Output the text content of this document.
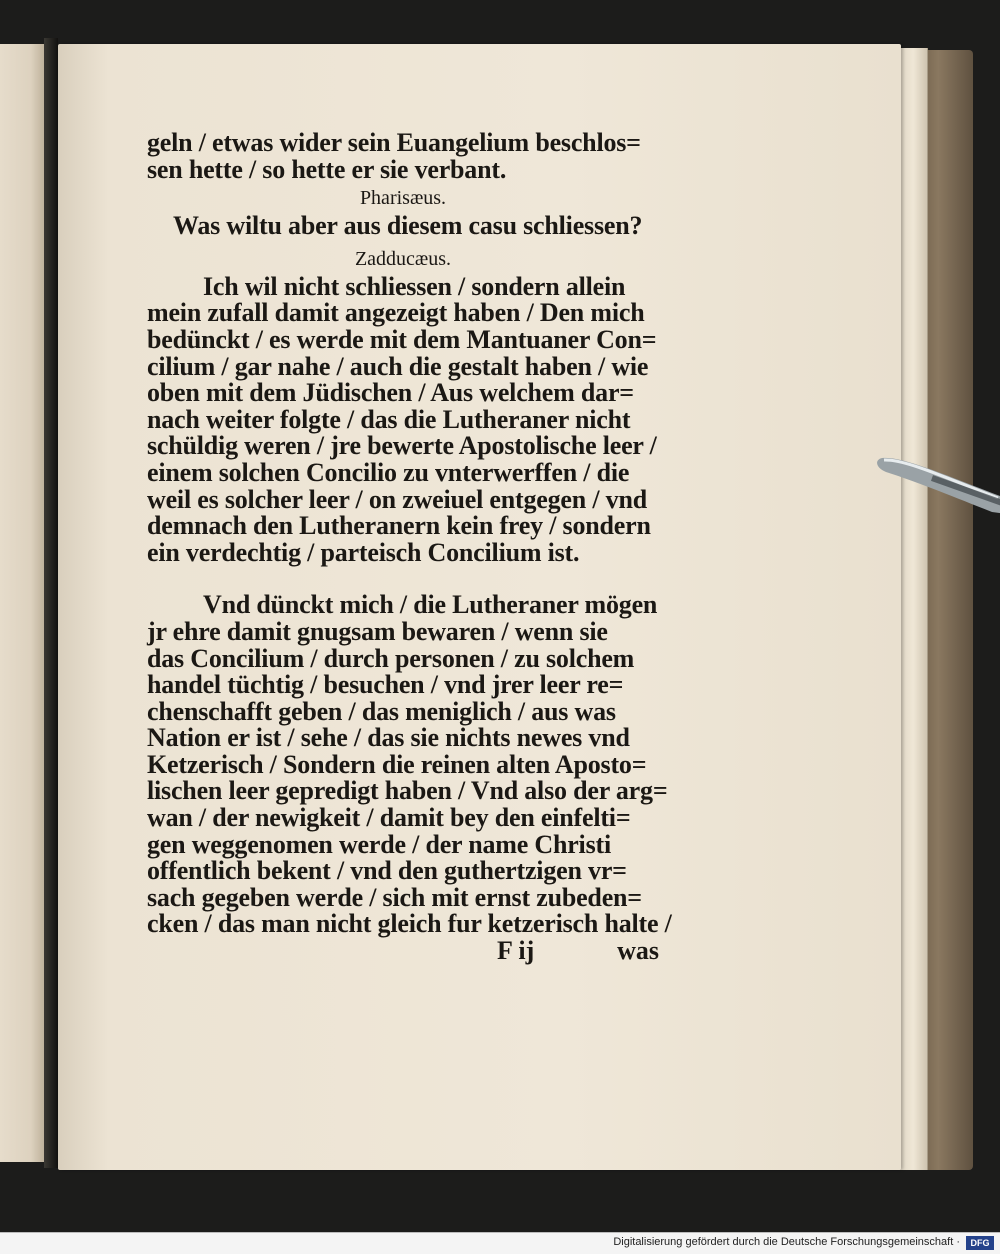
geln / etwas wider sein Euangelium beschlos=
sen hette / so hette er sie verbant.
Pharisæus.
Was wiltu aber aus diesem casu schliessen?
Zadducæus.
Ich wil nicht schliessen / sondern allein
mein zufall damit angezeigt haben / Den mich
bedünckt / es werde mit dem Mantuaner Con=
cilium / gar nahe / auch die gestalt haben / wie
oben mit dem Jüdischen / Aus welchem dar=
nach weiter folgte / das die Lutheraner nicht
schüldig weren / jre bewerte Apostolische leer /
einem solchen Concilio zu vnterwerffen / die
weil es solcher leer / on zweiuel entgegen / vnd
demnach den Lutheranern kein frey / sondern
ein verdechtig / parteisch Concilium ist.
Vnd dünckt mich / die Lutheraner mögen
jr ehre damit gnugsam bewaren / wenn sie
das Concilium / durch personen / zu solchem
handel tüchtig / besuchen / vnd jrer leer re=
chenschafft geben / das meniglich / aus was
Nation er ist / sehe / das sie nichts newes vnd
Ketzerisch / Sondern die reinen alten Aposto=
lischen leer gepredigt haben / Vnd also der arg=
wan / der newigkeit / damit bey den einfelti=
gen weggenomen werde / der name Christi
offentlich bekent / vnd den guthertzigen vr=
sach gegeben werde / sich mit ernst zubeden=
cken / das man nicht gleich fur ketzerisch halte /
F ij	was
Digitalisierung gefördert durch die Deutsche Forschungsgemeinschaft ·	DFG
